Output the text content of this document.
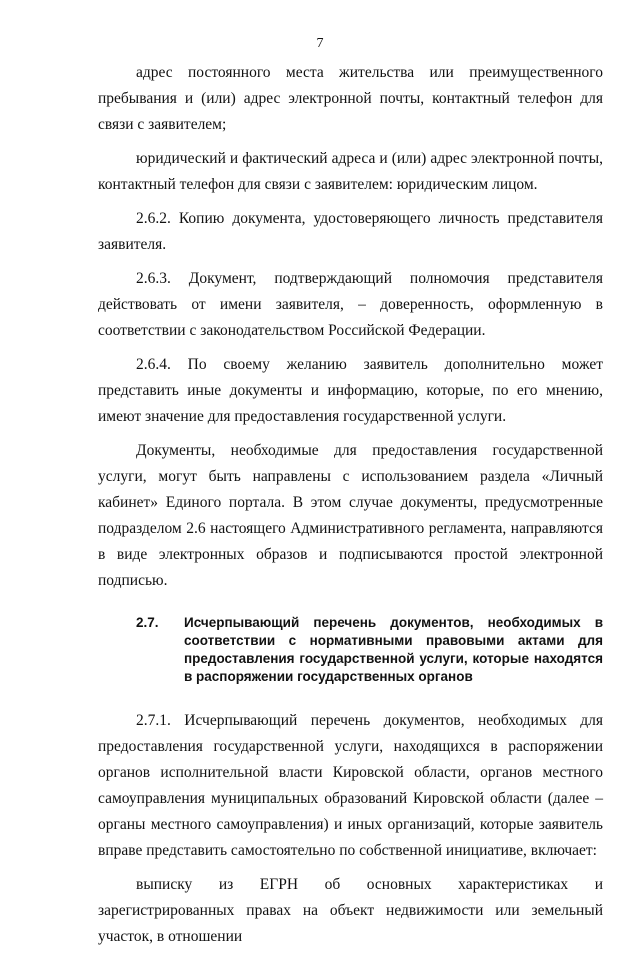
7

адрес постоянного места жительства или преимущественного пребывания и (или) адрес электронной почты, контактный телефон для связи с заявителем;

юридический и фактический адреса и (или) адрес электронной почты, контактный телефон для связи с заявителем: юридическим лицом.

2.6.2. Копию документа, удостоверяющего личность представителя заявителя.

2.6.3. Документ, подтверждающий полномочия представителя действовать от имени заявителя, – доверенность, оформленную в соответствии с законодательством Российской Федерации.

2.6.4. По своему желанию заявитель дополнительно может представить иные документы и информацию, которые, по его мнению, имеют значение для предоставления государственной услуги.

Документы, необходимые для предоставления государственной услуги, могут быть направлены с использованием раздела «Личный кабинет» Единого портала. В этом случае документы, предусмотренные подразделом 2.6 настоящего Административного регламента, направляются в виде электронных образов и подписываются простой электронной подписью.

2.7.	Исчерпывающий перечень документов, необходимых в соответствии с нормативными правовыми актами для предоставления государственной услуги, которые находятся в распоряжении государственных органов

2.7.1. Исчерпывающий перечень документов, необходимых для предоставления государственной услуги, находящихся в распоряжении органов исполнительной власти Кировской области, органов местного самоуправления муниципальных образований Кировской области (далее – органы местного самоуправления) и иных организаций, которые заявитель вправе представить самостоятельно по собственной инициативе, включает:

выписку из ЕГРН об основных характеристиках и зарегистрированных правах на объект недвижимости или земельный участок, в отношении
